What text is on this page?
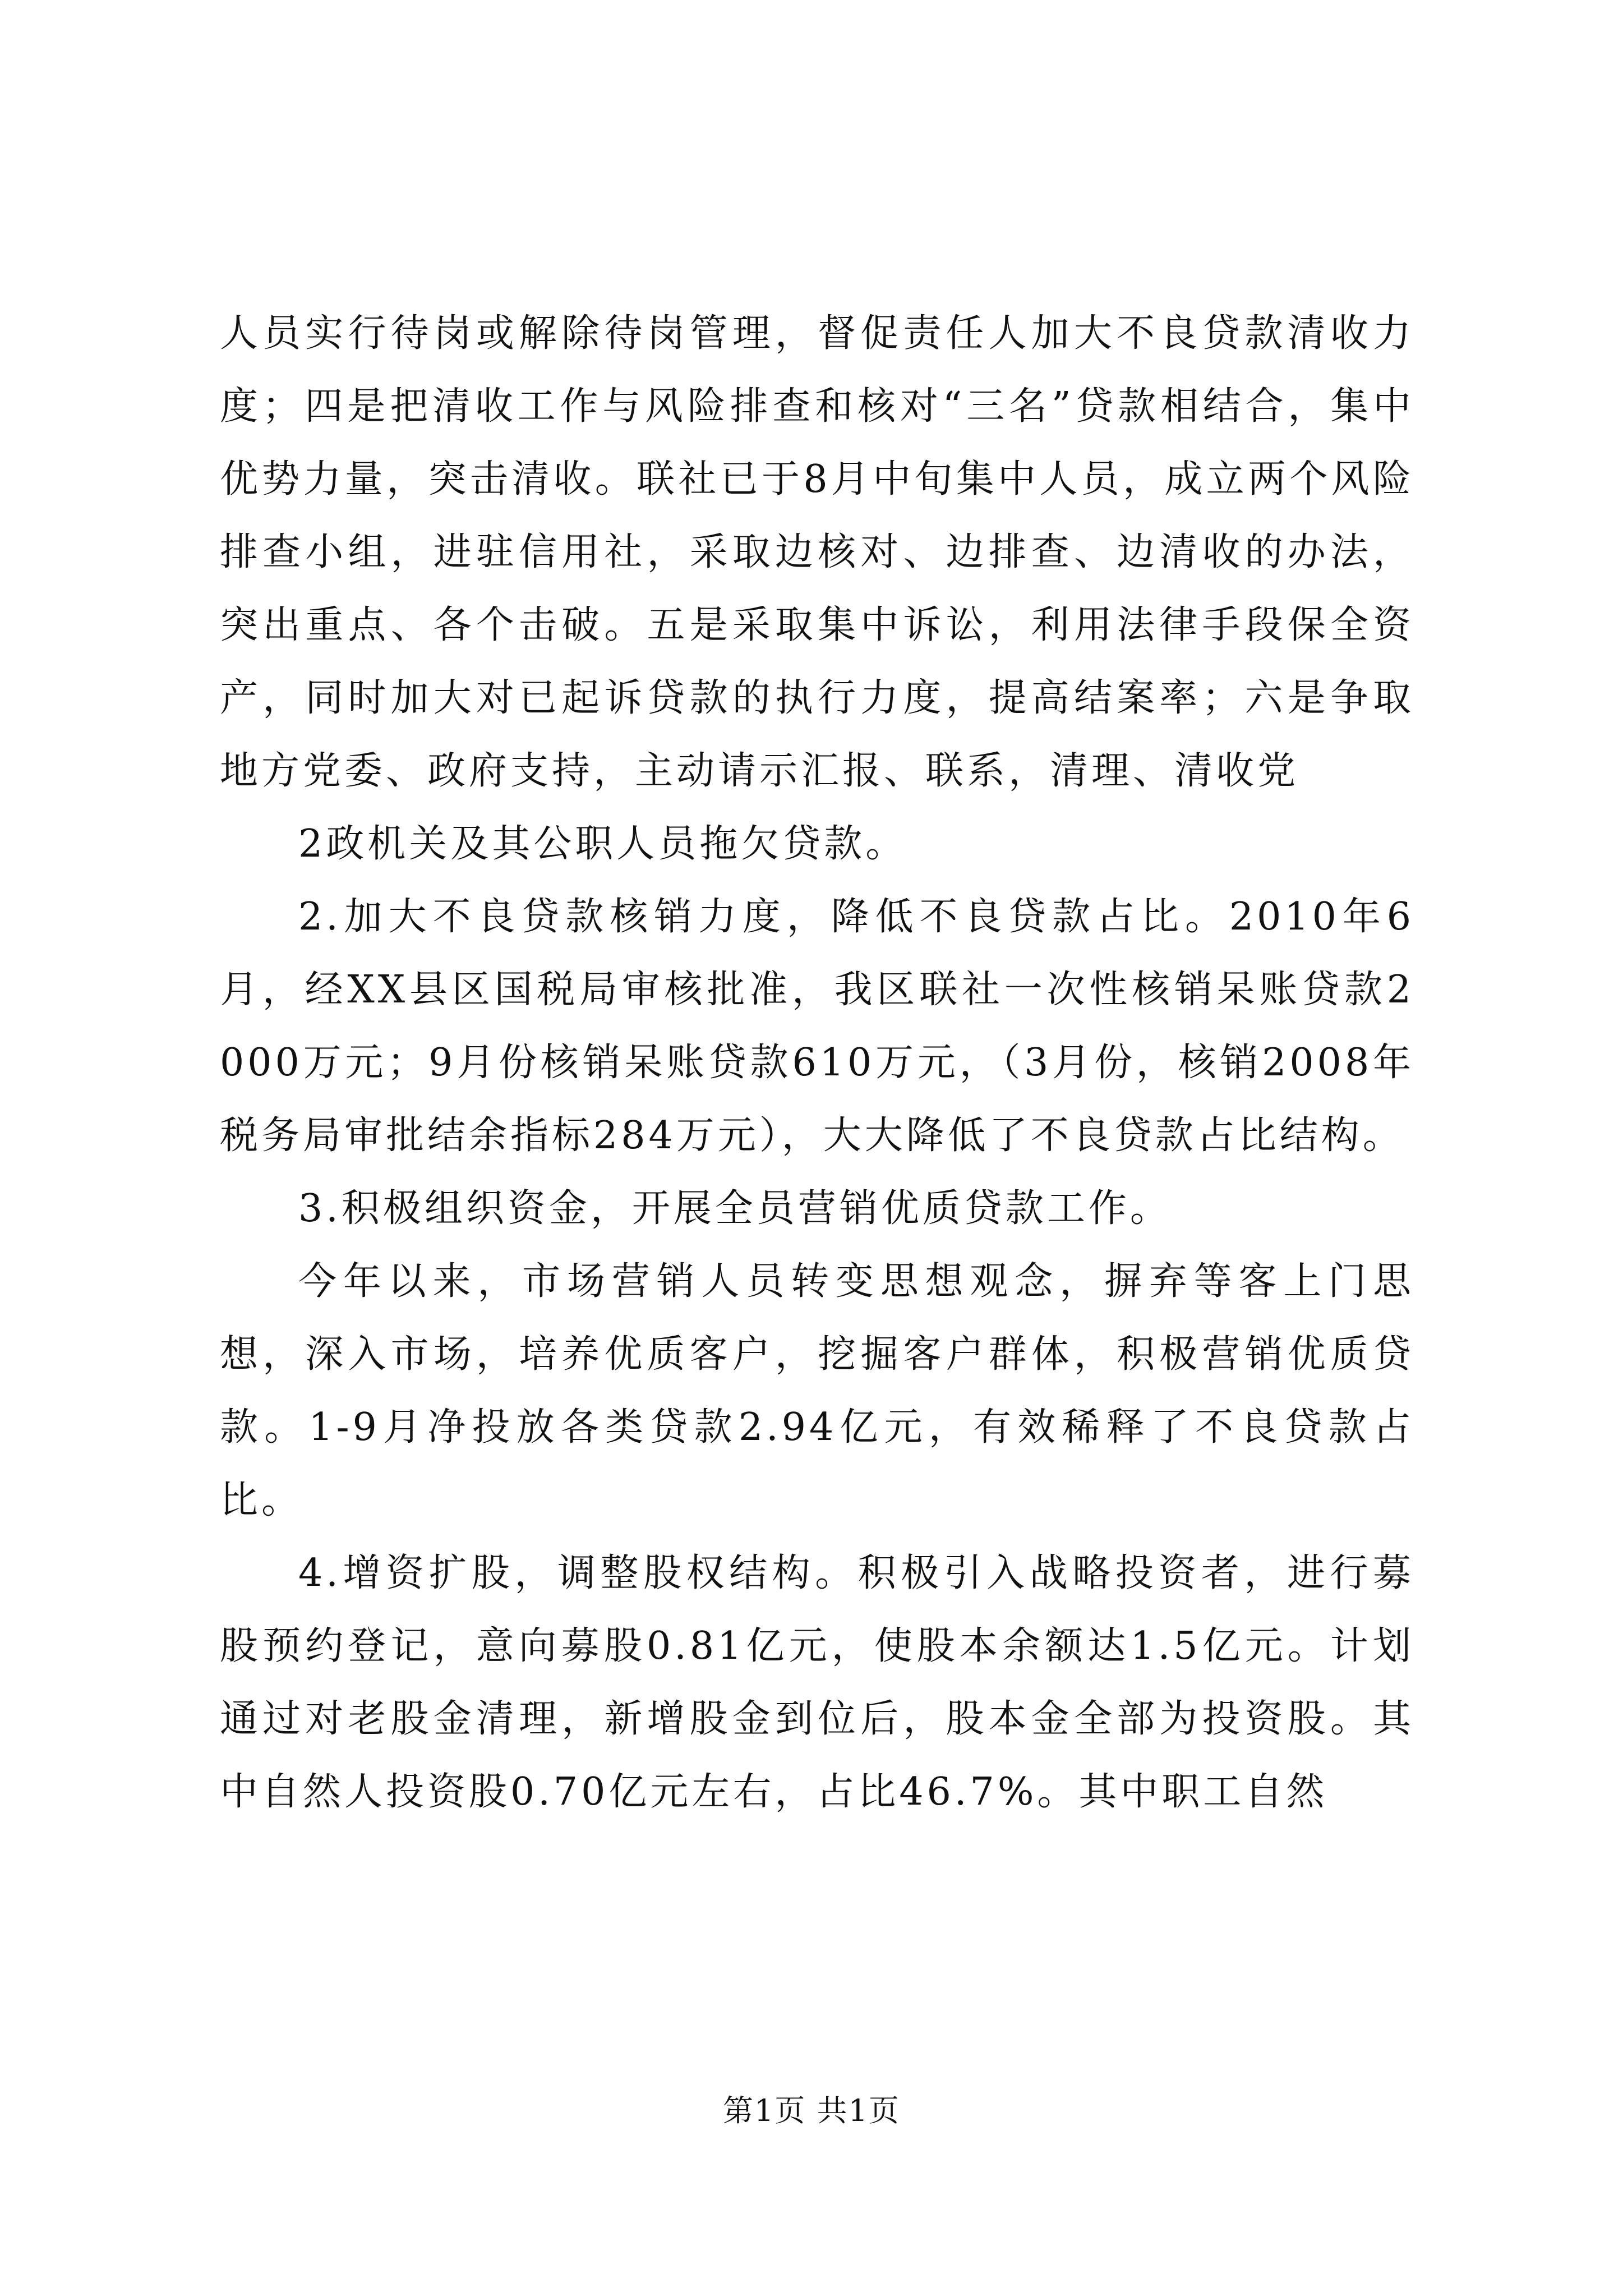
人员实行待岗或解除待岗管理，督促责任人加大不良贷款清收力度；四是把清收工作与风险排查和核对“三名”贷款相结合，集中优势力量，突击清收。联社已于8月中旬集中人员，成立两个风险排查小组，进驻信用社，采取边核对、边排查、边清收的办法，突出重点、各个击破。五是采取集中诉讼，利用法律手段保全资产，同时加大对已起诉贷款的执行力度，提高结案率；六是争取地方党委、政府支持，主动请示汇报、联系，清理、清收党

2政机关及其公职人员拖欠贷款。

2.加大不良贷款核销力度，降低不良贷款占比。2010年6月，经XX县区国税局审核批准，我区联社一次性核销呆账贷款2000万元；9月份核销呆账贷款610万元，（3月份，核销2008年税务局审批结余指标284万元），大大降低了不良贷款占比结构。

3.积极组织资金，开展全员营销优质贷款工作。

今年以来，市场营销人员转变思想观念，摒弃等客上门思想，深入市场，培养优质客户，挖掘客户群体，积极营销优质贷款。1-9月净投放各类贷款2.94亿元，有效稀释了不良贷款占比。

4.增资扩股，调整股权结构。积极引入战略投资者，进行募股预约登记，意向募股0.81亿元，使股本余额达1.5亿元。计划通过对老股金清理，新增股金到位后，股本金全部为投资股。其中自然人投资股0.70亿元左右，占比46.7%。其中职工自然

第1页 共1页
